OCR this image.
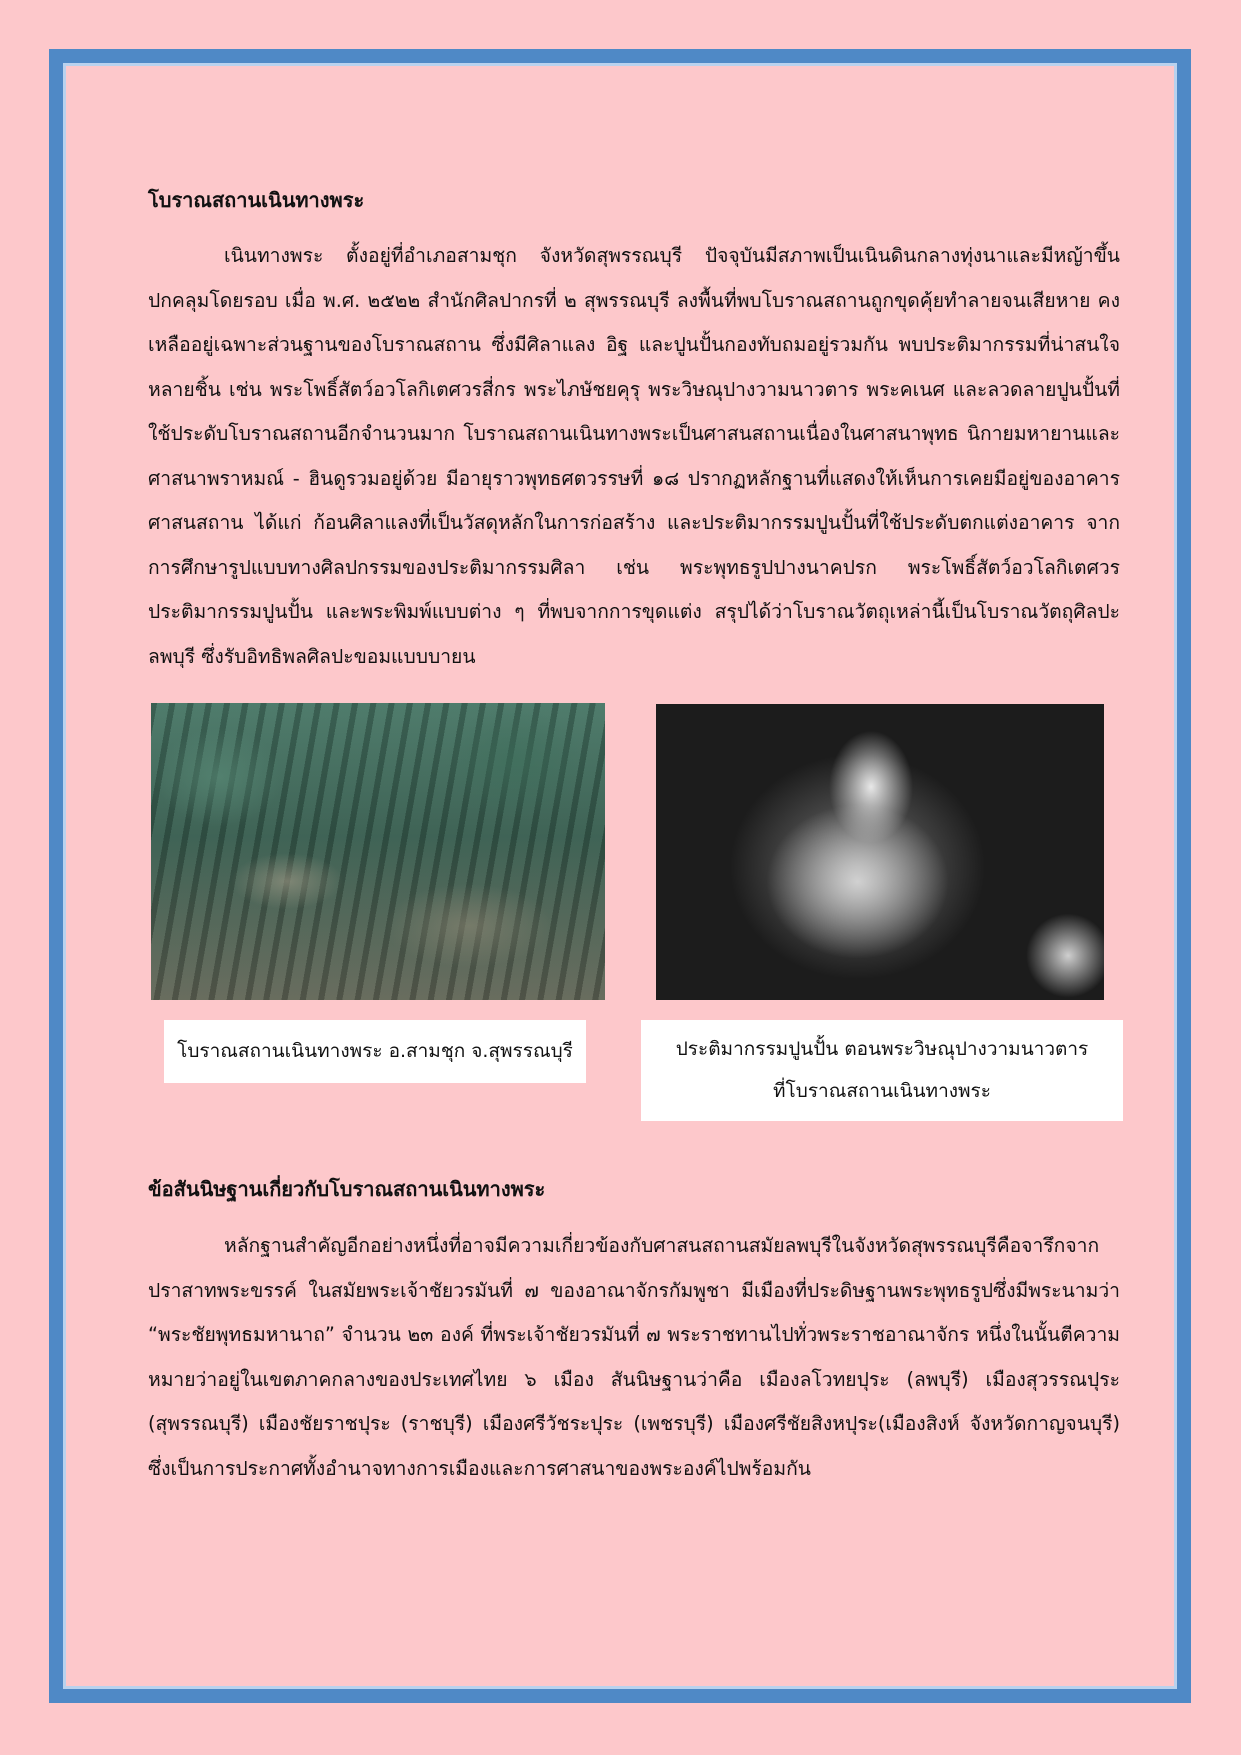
โบราณสถานเนินทางพระ

เนินทางพระ ตั้งอยู่ที่อำเภอสามชุก จังหวัดสุพรรณบุรี ปัจจุบันมีสภาพเป็นเนินดินกลางทุ่งนาและมีหญ้าขึ้นปกคลุมโดยรอบ เมื่อ พ.ศ. ๒๕๒๒ สำนักศิลปากรที่ ๒ สุพรรณบุรี ลงพื้นที่พบโบราณสถานถูกขุดคุ้ยทำลายจนเสียหาย คงเหลืออยู่เฉพาะส่วนฐานของโบราณสถาน ซึ่งมีศิลาแลง อิฐ และปูนปั้นกองทับถมอยู่รวมกัน พบประติมากรรมที่น่าสนใจหลายชิ้น เช่น พระโพธิ์สัตว์อวโลกิเตศวรสี่กร พระไภษัชยคุรุ พระวิษณุปางวามนาวตาร พระคเนศ และลวดลายปูนปั้นที่ใช้ประดับโบราณสถานอีกจำนวนมาก โบราณสถานเนินทางพระเป็นศาสนสถานเนื่องในศาสนาพุทธ นิกายมหายานและศาสนาพราหมณ์ - ฮินดูรวมอยู่ด้วย มีอายุราวพุทธศตวรรษที่ ๑๘ ปรากฏหลักฐานที่แสดงให้เห็นการเคยมีอยู่ของอาคารศาสนสถาน ได้แก่ ก้อนศิลาแลงที่เป็นวัสดุหลักในการก่อสร้าง และประติมากรรมปูนปั้นที่ใช้ประดับตกแต่งอาคาร จากการศึกษารูปแบบทางศิลปกรรมของประติมากรรมศิลา เช่น พระพุทธรูปปางนาคปรก พระโพธิ์สัตว์อวโลกิเตศวร ประติมากรรมปูนปั้น และพระพิมพ์แบบต่าง ๆ ที่พบจากการขุดแต่ง สรุปได้ว่าโบราณวัตถุเหล่านี้เป็นโบราณวัตถุศิลปะลพบุรี ซึ่งรับอิทธิพลศิลปะขอมแบบบายน

โบราณสถานเนินทางพระ อ.สามชุก จ.สุพรรณบุรี	ประติมากรรมปูนปั้น ตอนพระวิษณุปางวามนาวตาร
ที่โบราณสถานเนินทางพระ
ข้อสันนิษฐานเกี่ยวกับโบราณสถานเนินทางพระ

หลักฐานสำคัญอีกอย่างหนึ่งที่อาจมีความเกี่ยวข้องกับศาสนสถานสมัยลพบุรีในจังหวัดสุพรรณบุรีคือจารึกจากปราสาทพระขรรค์ ในสมัยพระเจ้าชัยวรมันที่ ๗ ของอาณาจักรกัมพูชา มีเมืองที่ประดิษฐานพระพุทธรูปซึ่งมีพระนามว่า “พระชัยพุทธมหานาถ” จำนวน ๒๓ องค์ ที่พระเจ้าชัยวรมันที่ ๗ พระราชทานไปทั่วพระราชอาณาจักร หนึ่งในนั้นตีความหมายว่าอยู่ในเขตภาคกลางของประเทศไทย ๖ เมือง สันนิษฐานว่าคือ เมืองลโวทยปุระ (ลพบุรี) เมืองสุวรรณปุระ (สุพรรณบุรี) เมืองชัยราชปุระ (ราชบุรี) เมืองศรีวัชระปุระ (เพชรบุรี) เมืองศรีชัยสิงหปุระ(เมืองสิงห์ จังหวัดกาญจนบุรี) ซึ่งเป็นการประกาศทั้งอำนาจทางการเมืองและการศาสนาของพระองค์ไปพร้อมกัน
